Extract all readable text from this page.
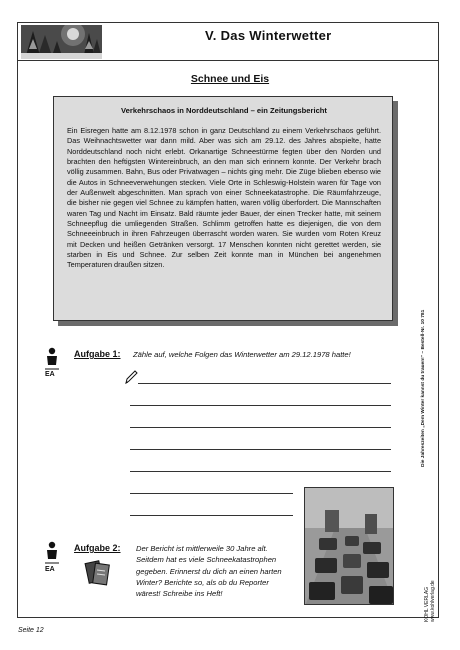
V. Das Winterwetter
Schnee und Eis
Verkehrschaos in Norddeutschland – ein Zeitungsbericht

Ein Eisregen hatte am 8.12.1978 schon in ganz Deutschland zu einem Verkehrschaos geführt. Das Weihnachtswetter war dann mild. Aber was sich am 29.12. des Jahres abspielte, hatte Norddeutschland noch nicht erlebt. Orkanartige Schneestürme fegten über den Norden und brachten den heftigsten Wintereinbruch, an den man sich erinnern konnte. Der Verkehr brach völlig zusammen. Bahn, Bus oder Privatwagen – nichts ging mehr. Die Züge blieben ebenso wie die Autos in Schneeverwehungen stecken. Viele Orte in Schleswig-Holstein waren für Tage von der Außenwelt abgeschnitten. Man sprach von einer Schneekatastrophe. Die Räumfahrzeuge, die bisher nie gegen viel Schnee zu kämpfen hatten, waren völlig überfordert. Die Mannschaften waren Tag und Nacht im Einsatz. Bald räumte jeder Bauer, der einen Trecker hatte, mit seinem Schneepflug die umliegenden Straßen. Schlimm getroffen hatte es diejenigen, die von dem Schneeeinbruch in ihren Fahrzeugen überrascht worden waren. Sie wurden vom Roten Kreuz mit Decken und heißen Getränken versorgt. 17 Menschen konnten nicht gerettet werden, sie starben in Eis und Schnee. Zur selben Zeit konnte man in München bei angenehmen Temperaturen draußen sitzen.

EA
Aufgabe 1: Zähle auf, welche Folgen das Winterwetter am 29.12.1978 hatte!
EA
Aufgabe 2: Der Bericht ist mittlerweile 30 Jahre alt. Seitdem hat es viele Schneekatastrophen gegeben. Erinnerst du dich an einen harten Winter? Berichte so, als ob du Reporter wärest! Schreibe ins Heft!

Die Jahreszeiten „Dem Winter kannst du trauen!“ – Bestell-Nr. 10 781
KOHL VERLAG www.kohlverlag.de
Seite 12
